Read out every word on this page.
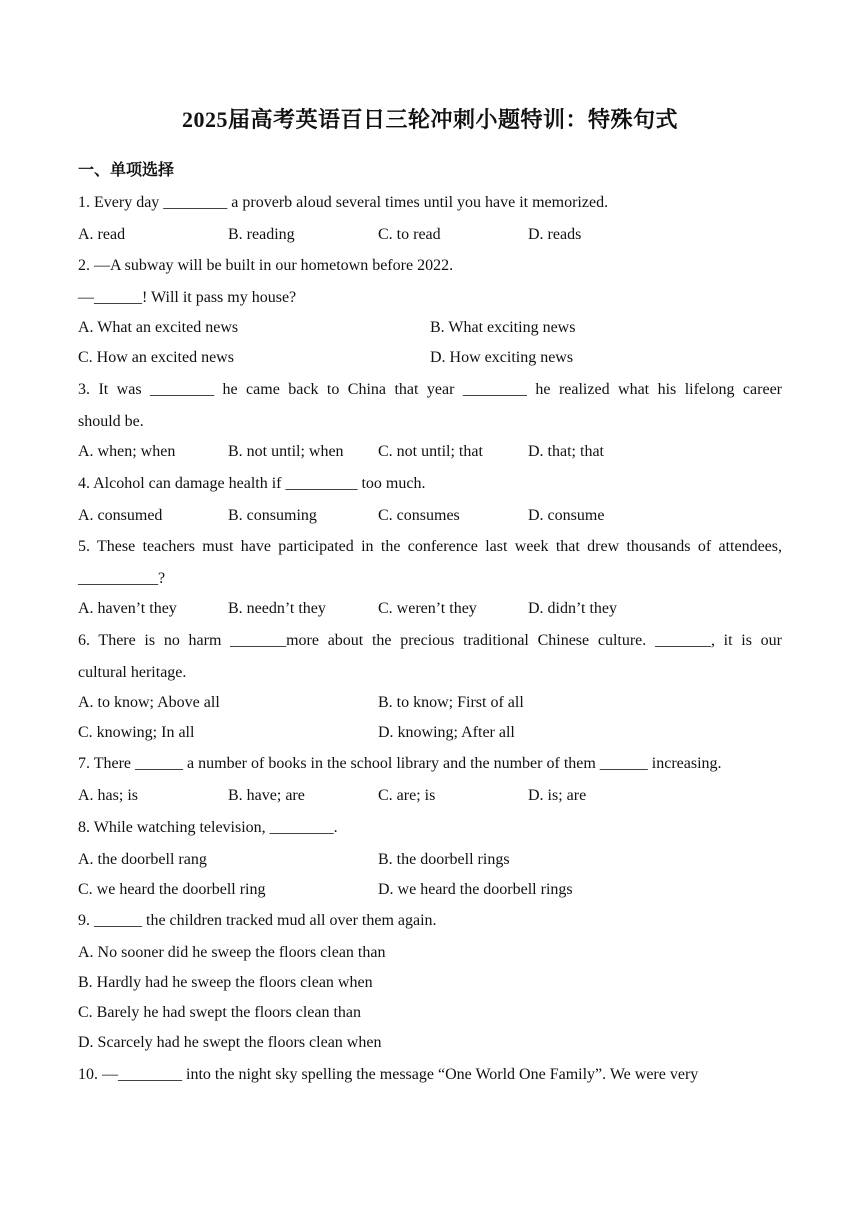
2025届高考英语百日三轮冲刺小题特训：特殊句式
一、单项选择
1. Every day ________ a proverb aloud several times until you have it memorized.
A. read	B. reading	C. to read	D. reads
2. —A subway will be built in our hometown before 2022.
—______! Will it pass my house?
A. What an excited news	B. What exciting news
C. How an excited news	D. How exciting news
3. It was ________ he came back to China that year ________ he realized what his lifelong career
should be.
A. when; when	B. not until; when C. not until; that	D. that; that
4. Alcohol can damage health if _________ too much.
A. consumed	B. consuming	C. consumes	D. consume
5. These teachers must have participated in the conference last week that drew thousands of attendees,
__________?
A. haven’t they	B. needn’t they	C. weren’t they	D. didn’t they
6. There is no harm _______more about the precious traditional Chinese culture. _______, it is our
cultural heritage.
A. to know; Above all	B. to know; First of all
C. knowing; In all	D. knowing; After all
7. There ______ a number of books in the school library and the number of them ______ increasing.
A. has; is	B. have; are	C. are; is	D. is; are
8. While watching television, ________.
A. the doorbell rang	B. the doorbell rings
C. we heard the doorbell ring	D. we heard the doorbell rings
9. ______ the children tracked mud all over them again.
A. No sooner did he sweep the floors clean than
B. Hardly had he sweep the floors clean when
C. Barely he had swept the floors clean than
D. Scarcely had he swept the floors clean when
10. —________ into the night sky spelling the message “One World One Family”. We were very
